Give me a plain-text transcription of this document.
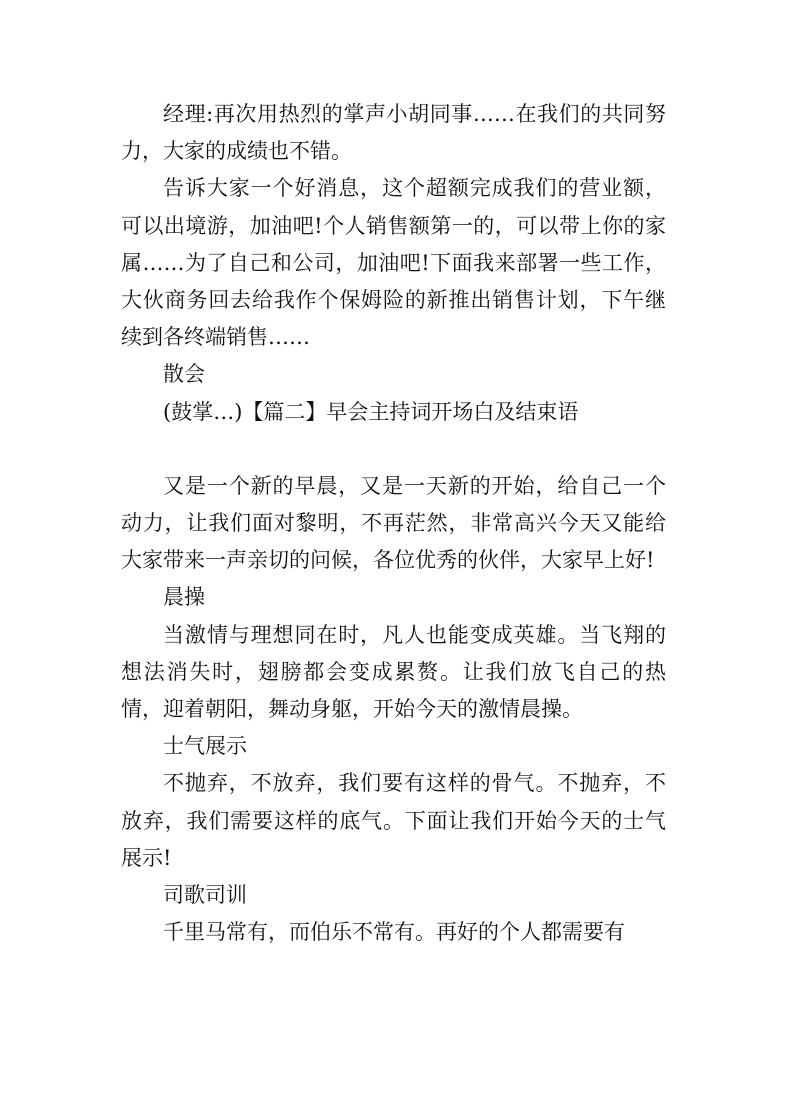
经理:再次用热烈的掌声小胡同事……在我们的共同努力，大家的成绩也不错。

告诉大家一个好消息，这个超额完成我们的营业额，可以出境游，加油吧!个人销售额第一的，可以带上你的家属……为了自己和公司，加油吧!下面我来部署一些工作，大伙商务回去给我作个保姆险的新推出销售计划，下午继续到各终端销售……

散会

(鼓掌…)【篇二】早会主持词开场白及结束语

又是一个新的早晨，又是一天新的开始，给自己一个动力，让我们面对黎明，不再茫然，非常高兴今天又能给大家带来一声亲切的问候，各位优秀的伙伴，大家早上好!

晨操

当激情与理想同在时，凡人也能变成英雄。当飞翔的想法消失时，翅膀都会变成累赘。让我们放飞自己的热情，迎着朝阳，舞动身躯，开始今天的激情晨操。

士气展示

不抛弃，不放弃，我们要有这样的骨气。不抛弃，不放弃，我们需要这样的底气。下面让我们开始今天的士气展示!

司歌司训

千里马常有，而伯乐不常有。再好的个人都需要有
